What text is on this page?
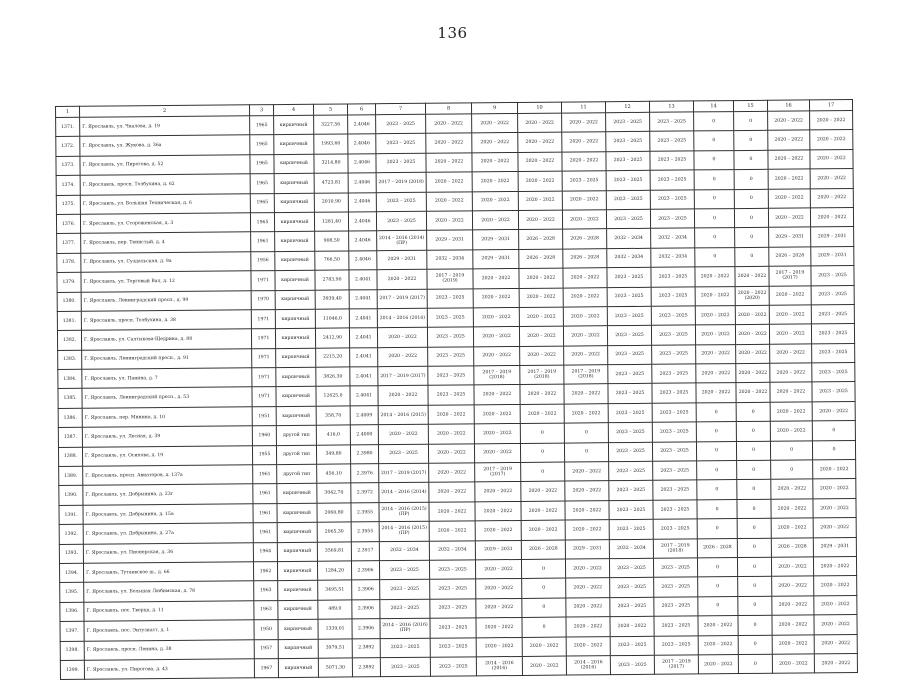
136
1	2	3	4	5	6	7	8	9	10	11	12	13	14	15	16	17
1371.	Г. Ярославль, ул. Чкалова, д. 19	1965	кирпичный	3227,56	2.4046	2023 – 2025	2020 – 2022	2020 – 2022	2020 – 2022	2020 – 2022	2023 – 2025	2023 – 2025	0	0	2020 – 2022	2020 – 2022
1372.	Г. Ярославль, ул. Жукова, д. 36а	1965	кирпичный	1993,60	2.4046	2023 – 2025	2020 – 2022	2020 – 2022	2020 – 2022	2020 – 2022	2023 – 2025	2023 – 2025	0	0	2020 – 2022	2020 – 2022
1373.	Г. Ярославль, ул. Пирогова, д. 52	1965	кирпичный	3214,80	2.4046	2023 – 2025	2020 – 2022	2020 – 2022	2020 – 2022	2020 – 2022	2023 – 2025	2023 – 2025	0	0	2020 – 2022	2020 – 2022
1374.	Г. Ярославль, просп. Толбухина, д. 62	1965	кирпичный	4723,81	2.4046	2017 – 2019 (2018)	2020 – 2022	2020 – 2022	2020 – 2022	2023 – 2025	2023 – 2025	2023 – 2025	0	0	2020 – 2022	2020 – 2022
1375.	Г. Ярославль, ул. Большая Техническая, д. 6	1965	кирпичный	2010,90	2.4046	2023 – 2025	2020 – 2022	2020 – 2022	2020 – 2022	2020 – 2022	2023 – 2025	2023 – 2025	0	0	2020 – 2022	2020 – 2022
1376.	Г. Ярославль, ул. Стороженская, д. 3	1965	кирпичный	1281,40	2.4046	2023 – 2025	2020 – 2022	2020 – 2022	2020 – 2022	2020 – 2022	2023 – 2025	2023 – 2025	0	0	2020 – 2022	2020 – 2022
1377.	Г. Ярославль, пер. Тенистый, д. 4	1961	кирпичный	908,50	2.4046	2014 – 2016 (2014) (ПР)	2029 – 2031	2029 – 2031	2026 – 2028	2026 – 2028	2032 – 2034	2032 – 2034	0	0	2029 – 2031	2029 – 2031
1378.	Г. Ярославль, ул. Суздальская, д. 9а	1956	кирпичный	766,50	2.4046	2029 – 2031	2032 – 2034	2029 – 2031	2026 – 2028	2026 – 2028	2032 – 2034	2032 – 2034	0	0	2026 – 2028	2029 – 2031
1379.	Г. Ярославль, ул. Торговый Вал, д. 12	1971	кирпичный	2783,90	2.4041	2020 – 2022	2017 – 2019 (2019)	2020 – 2022	2020 – 2022	2020 – 2022	2023 – 2025	2023 – 2025	2020 – 2022	2020 – 2022	2017 – 2019 (2017)	2023 – 2025
1380.	Г. Ярославль, Ленинградский просп., д. 99	1970	кирпичный	3939,40	2.4041	2017 – 2019 (2017)	2023 – 2025	2020 – 2022	2020 – 2022	2020 – 2022	2023 – 2025	2023 – 2025	2020 – 2022	2020 – 2022 (2020)	2020 – 2022	2023 – 2025
1381.	Г. Ярославль, просп. Толбухина, д. 38	1971	кирпичный	11046,0	2.4041	2014 – 2016 (2016)	2023 – 2025	2020 – 2022	2020 – 2022	2020 – 2022	2023 – 2025	2023 – 2025	2020 – 2022	2020 – 2022	2020 – 2022	2023 – 2025
1382.	Г. Ярославль, ул. Салтыкова-Щедрина, д. 88	1971	кирпичный	2412,90	2.4041	2020 – 2022	2023 – 2025	2020 – 2022	2020 – 2022	2020 – 2022	2023 – 2025	2023 – 2025	2020 – 2022	2020 – 2022	2020 – 2022	2023 – 2025
1383.	Г. Ярославль, Ленинградский просп., д. 91	1971	кирпичный	2215,20	2.4041	2020 – 2022	2023 – 2025	2020 – 2022	2020 – 2022	2020 – 2022	2023 – 2025	2023 – 2025	2020 – 2022	2020 – 2022	2020 – 2022	2023 – 2025
1384.	Г. Ярославль, ул. Панина, д. 7	1971	кирпичный	3826,30	2.4041	2017 – 2019 (2017)	2023 – 2025	2017 – 2019 (2018)	2017 – 2019 (2018)	2017 – 2019 (2018)	2023 – 2025	2023 – 2025	2020 – 2022	2020 – 2022	2020 – 2022	2023 – 2025
1385.	Г. Ярославль, Ленинградский просп., д. 53	1971	кирпичный	12625,0	2.4041	2020 – 2022	2023 – 2025	2020 – 2022	2020 – 2022	2020 – 2022	2023 – 2025	2023 – 2025	2020 – 2022	2020 – 2022	2020 – 2022	2023 – 2025
1386.	Г. Ярославль, пер. Минина, д. 10	1951	кирпичный	358,70	2.4009	2014 – 2016 (2015)	2020 – 2022	2020 – 2022	2020 – 2022	2020 – 2022	2023 – 2025	2023 – 2025	0	0	2020 – 2022	2020 – 2022
1387.	Г. Ярославль, ул. Лесная, д. 39	1960	другой тип	416,0	2.4000	2020 – 2022	2020 – 2022	2020 – 2022	0	0	2023 – 2025	2023 – 2025	0	0	2020 – 2022	0
1388.	Г. Ярославль, ул. Осипова, д. 19	1955	другой тип	349,80	2.3980	2023 – 2025	2020 – 2022	2020 – 2022	0	0	2023 – 2025	2023 – 2025	0	0	0	0
1389.	Г. Ярославль, просп. Авиаторов, д. 137а	1961	другой тип	456,10	2.3976	2017 – 2019 (2017)	2020 – 2022	2017 – 2019 (2017)	0	2020 – 2022	2023 – 2025	2023 – 2025	0	0	0	2020 – 2022
1390.	Г. Ярославль, ул. Добрынина, д. 23г	1961	кирпичный	3042,70	2.3972	2014 – 2016 (2014)	2020 – 2022	2020 – 2022	2020 – 2022	2020 – 2022	2023 – 2025	2023 – 2025	0	0	2020 – 2022	2020 – 2022
1391.	Г. Ярославль, ул. Добрынина, д. 15а	1961	кирпичный	2060,80	2.3955	2014 – 2016 (2015) (ПР)	2020 – 2022	2020 – 2022	2020 – 2022	2020 – 2022	2023 – 2025	2023 – 2025	0	0	2020 – 2022	2020 – 2022
1392.	Г. Ярославль, ул. Добрынина, д. 27а	1961	кирпичный	2065,30	2.3955	2014 – 2016 (2015) (ПР)	2020 – 2022	2020 – 2022	2020 – 2022	2020 – 2022	2023 – 2025	2023 – 2025	0	0	2020 – 2022	2020 – 2022
1393.	Г. Ярославль, ул. Пионерская, д. 36	1964	кирпичный	3569,81	2.3917	2032 – 2034	2032 – 2034	2029 – 2031	2026 – 2028	2029 – 2031	2032 – 2034	2017 – 2019 (2018)	2026 – 2028	0	2026 – 2028	2029 – 2031
1394.	Г. Ярославль, Тутаевское ш., д. 66	1962	кирпичный	1284,20	2.3906	2023 – 2025	2023 – 2025	2020 – 2022	0	2020 – 2022	2023 – 2025	2023 – 2025	0	0	2020 – 2022	2020 – 2022
1395.	Г. Ярославль, ул. Большая Любимская, д. 78	1963	кирпичный	3495,51	2.3906	2023 – 2025	2023 – 2025	2020 – 2022	0	2020 – 2022	2023 – 2025	2023 – 2025	0	0	2020 – 2022	2020 – 2022
1396.	Г. Ярославль, пос. Творца, д. 11	1963	кирпичный	489,0	2.3906	2023 – 2025	2023 – 2025	2020 – 2022	0	2020 – 2022	2023 – 2025	2023 – 2025	0	0	2020 – 2022	2020 – 2022
1397.	Г. Ярославль, пос. Энтузиаст, д. 1	1950	кирпичный	1339,01	2.3906	2014 – 2016 (2016) (ПР)	2023 – 2025	2020 – 2022	0	2020 – 2022	2020 – 2022	2023 – 2025	2020 – 2022	0	2020 – 2022	2020 – 2022
1398.	Г. Ярославль, просп. Ленина, д. 38	1957	кирпичный	3979,51	2.3892	2023 – 2025	2023 – 2025	2020 – 2022	2020 – 2022	2020 – 2022	2023 – 2025	2023 – 2025	2020 – 2022	0	2020 – 2022	2020 – 2022
1399.	Г. Ярославль, ул. Пирогова, д. 43	1967	кирпичный	5071,30	2.3892	2023 – 2025	2023 – 2025	2014 – 2016 (2016)	2020 – 2022	2014 – 2016 (2016)	2023 – 2025	2017 – 2019 (2017)	2020 – 2022	0	2020 – 2022	2020 – 2022
